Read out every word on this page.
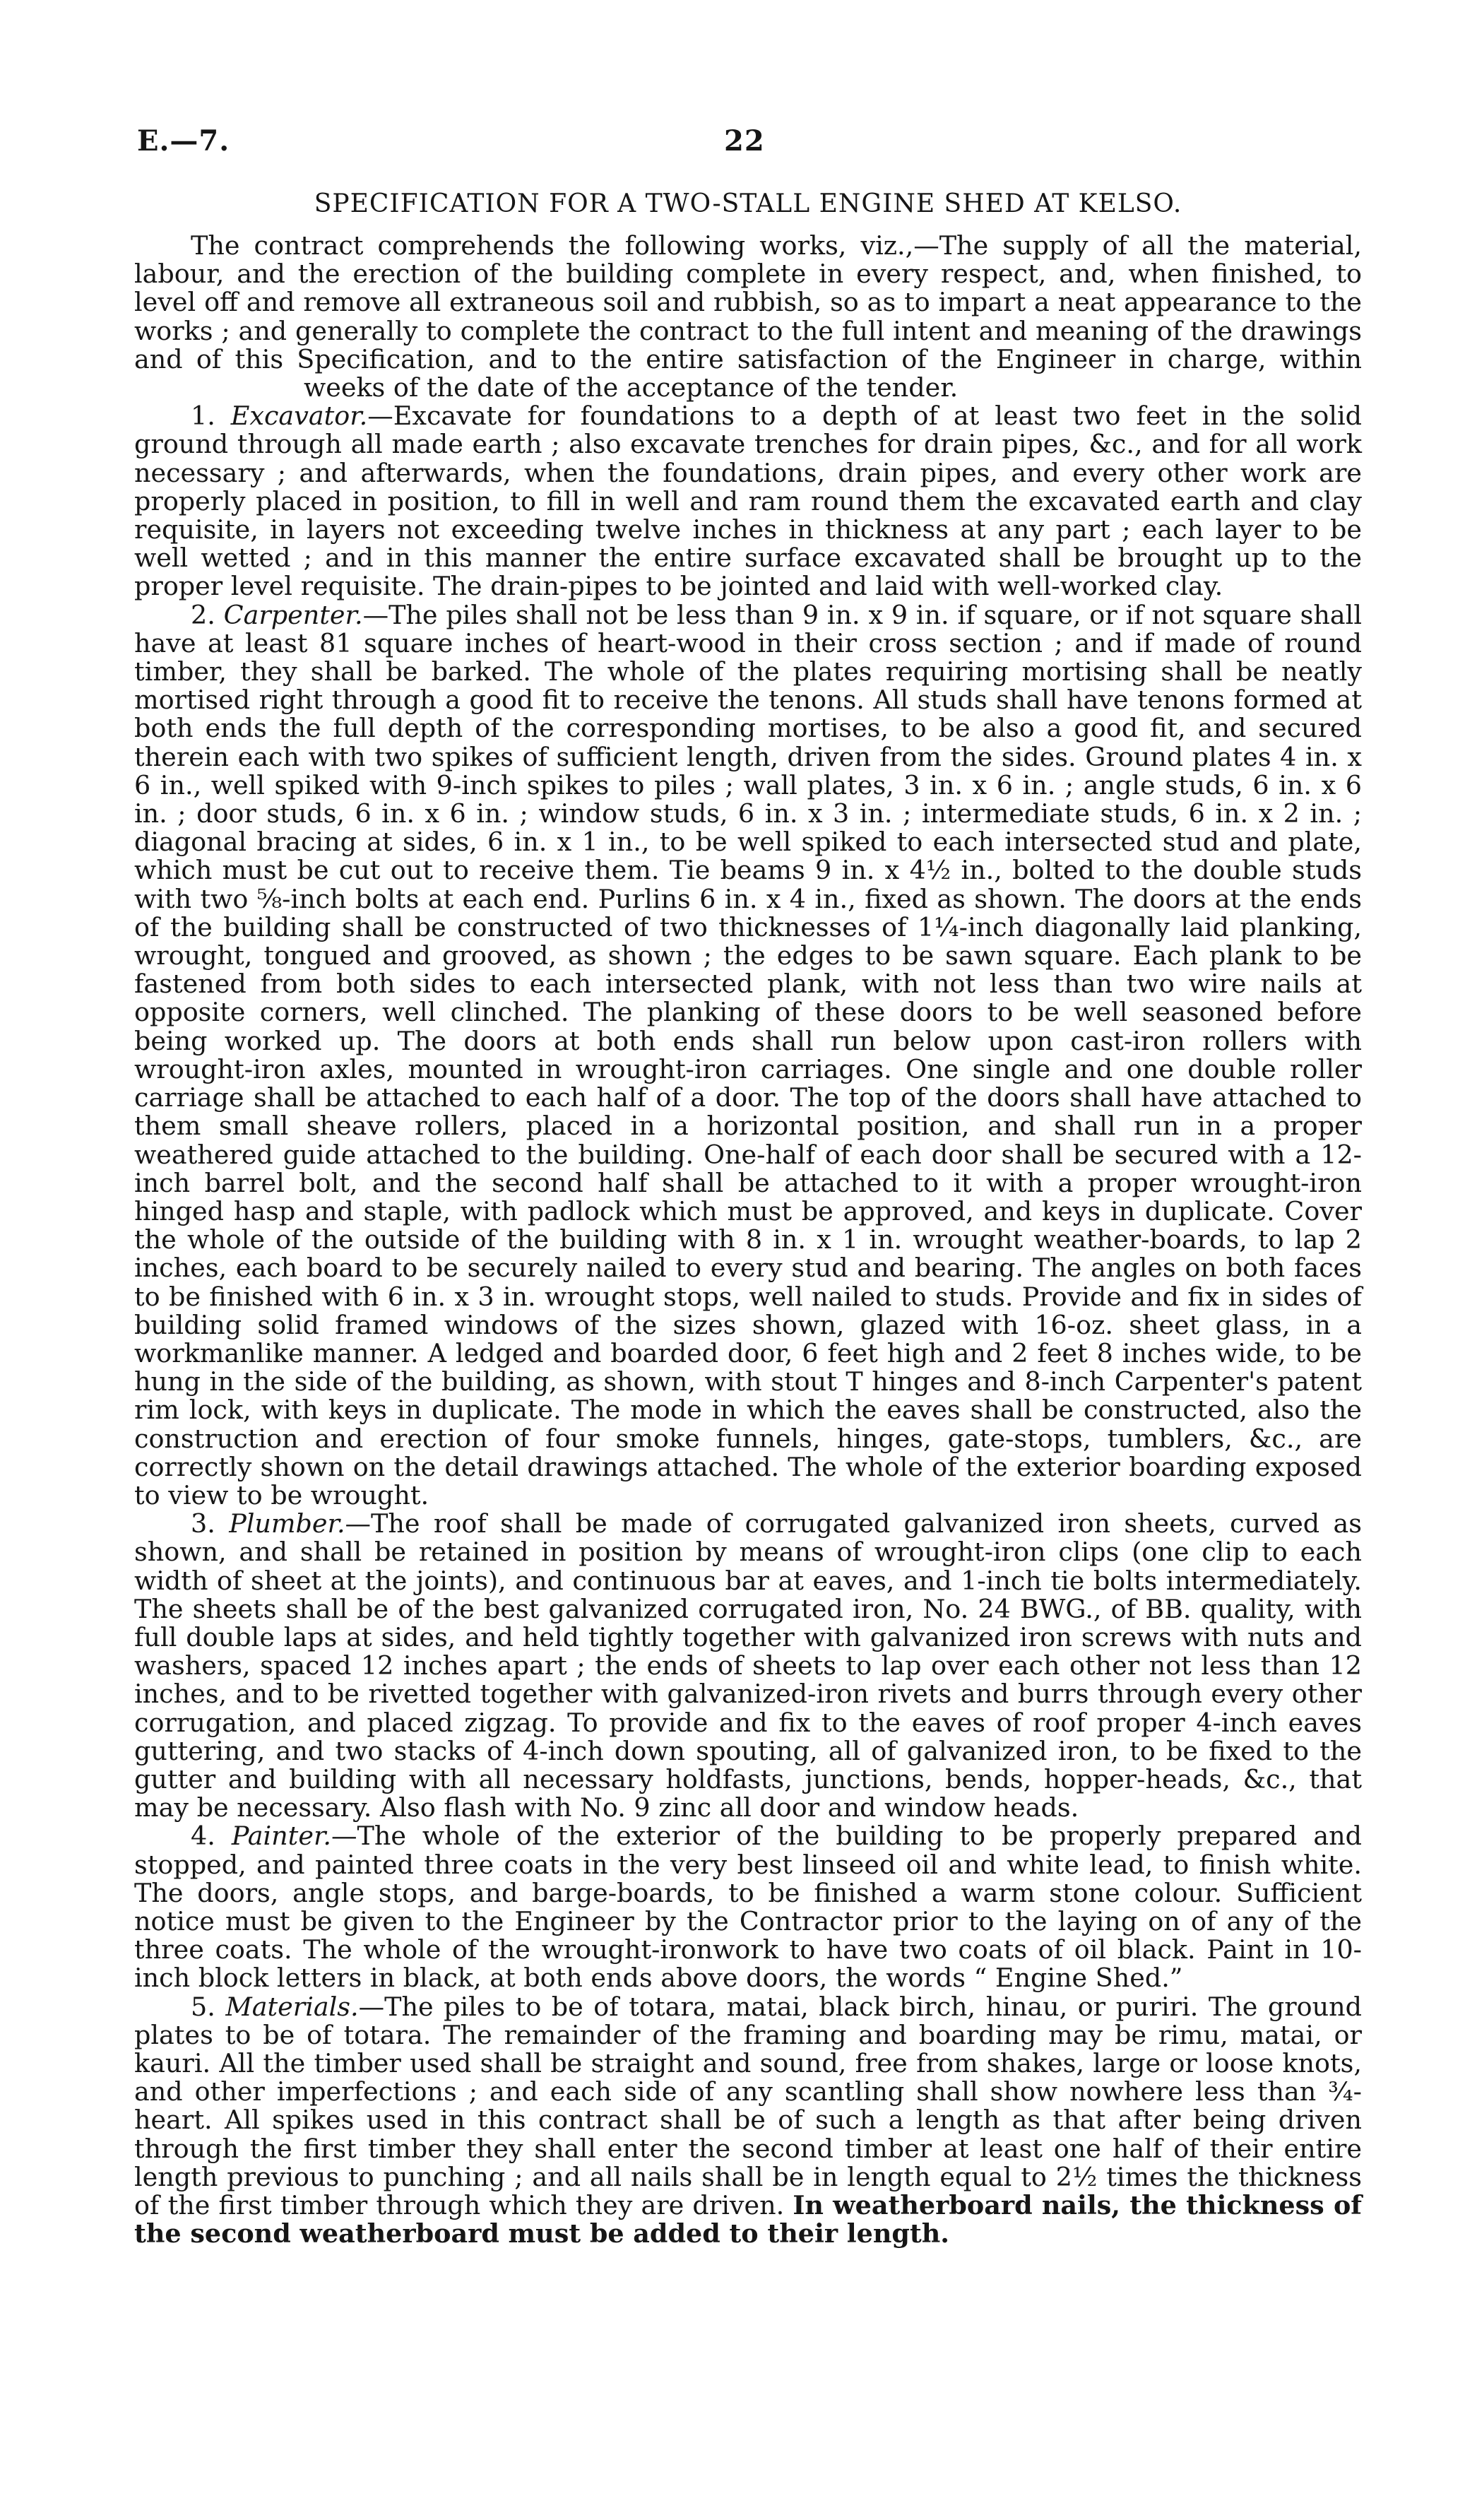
E.—7.	22
SPECIFICATION FOR A TWO-STALL ENGINE SHED AT KELSO.

The contract comprehends the following works, viz.,—The supply of all the material, labour, and the erection of the building complete in every respect, and, when finished, to level off and remove all extraneous soil and rubbish, so as to impart a neat appearance to the works ; and generally to complete the contract to the full intent and meaning of the drawings and of this Specification, and to the entire satisfaction of the Engineer in charge, withinweeks of the date of the acceptance of the tender.

1. Excavator.—Excavate for foundations to a depth of at least two feet in the solid ground through all made earth ; also excavate trenches for drain pipes, &c., and for all work necessary ; and afterwards, when the foundations, drain pipes, and every other work are properly placed in position, to fill in well and ram round them the excavated earth and clay requisite, in layers not exceeding twelve inches in thickness at any part ; each layer to be well wetted ; and in this manner the entire surface excavated shall be brought up to the proper level requisite. The drain-pipes to be jointed and laid with well-worked clay.

2. Carpenter.—The piles shall not be less than 9 in. x 9 in. if square, or if not square shall have at least 81 square inches of heart-wood in their cross section ; and if made of round timber, they shall be barked. The whole of the plates requiring mortising shall be neatly mortised right through a good fit to receive the tenons. All studs shall have tenons formed at both ends the full depth of the corresponding mortises, to be also a good fit, and secured therein each with two spikes of sufficient length, driven from the sides. Ground plates 4 in. x 6 in., well spiked with 9-inch spikes to piles ; wall plates, 3 in. x 6 in. ; angle studs, 6 in. x 6 in. ; door studs, 6 in. x 6 in. ; window studs, 6 in. x 3 in. ; intermediate studs, 6 in. x 2 in. ; diagonal bracing at sides, 6 in. x 1 in., to be well spiked to each intersected stud and plate, which must be cut out to receive them. Tie beams 9 in. x 4½ in., bolted to the double studs with two ⅝-inch bolts at each end. Purlins 6 in. x 4 in., fixed as shown. The doors at the ends of the building shall be constructed of two thicknesses of 1¼-inch diagonally laid planking, wrought, tongued and grooved, as shown ; the edges to be sawn square. Each plank to be fastened from both sides to each intersected plank, with not less than two wire nails at opposite corners, well clinched. The planking of these doors to be well seasoned before being worked up. The doors at both ends shall run below upon cast-iron rollers with wrought-iron axles, mounted in wrought-iron carriages. One single and one double roller carriage shall be attached to each half of a door. The top of the doors shall have attached to them small sheave rollers, placed in a horizontal position, and shall run in a proper weathered guide attached to the building. One-half of each door shall be secured with a 12-inch barrel bolt, and the second half shall be attached to it with a proper wrought-iron hinged hasp and staple, with padlock which must be approved, and keys in duplicate. Cover the whole of the outside of the building with 8 in. x 1 in. wrought weather-boards, to lap 2 inches, each board to be securely nailed to every stud and bearing. The angles on both faces to be finished with 6 in. x 3 in. wrought stops, well nailed to studs. Provide and fix in sides of building solid framed windows of the sizes shown, glazed with 16-oz. sheet glass, in a workmanlike manner. A ledged and boarded door, 6 feet high and 2 feet 8 inches wide, to be hung in the side of the building, as shown, with stout T hinges and 8-inch Carpenter's patent rim lock, with keys in duplicate. The mode in which the eaves shall be constructed, also the construction and erection of four smoke funnels, hinges, gate-stops, tumblers, &c., are correctly shown on the detail drawings attached. The whole of the exterior boarding exposed to view to be wrought.

3. Plumber.—The roof shall be made of corrugated galvanized iron sheets, curved as shown, and shall be retained in position by means of wrought-iron clips (one clip to each width of sheet at the joints), and continuous bar at eaves, and 1-inch tie bolts intermediately. The sheets shall be of the best galvanized corrugated iron, No. 24 BWG., of BB. quality, with full double laps at sides, and held tightly together with galvanized iron screws with nuts and washers, spaced 12 inches apart ; the ends of sheets to lap over each other not less than 12 inches, and to be rivetted together with galvanized-iron rivets and burrs through every other corrugation, and placed zigzag. To provide and fix to the eaves of roof proper 4-inch eaves guttering, and two stacks of 4-inch down spouting, all of galvanized iron, to be fixed to the gutter and building with all necessary holdfasts, junctions, bends, hopper-heads, &c., that may be necessary. Also flash with No. 9 zinc all door and window heads.

4. Painter.—The whole of the exterior of the building to be properly prepared and stopped, and painted three coats in the very best linseed oil and white lead, to finish white. The doors, angle stops, and barge-boards, to be finished a warm stone colour. Sufficient notice must be given to the Engineer by the Contractor prior to the laying on of any of the three coats. The whole of the wrought-ironwork to have two coats of oil black. Paint in 10-inch block letters in black, at both ends above doors, the words “ Engine Shed.”

5. Materials.—The piles to be of totara, matai, black birch, hinau, or puriri. The ground plates to be of totara. The remainder of the framing and boarding may be rimu, matai, or kauri. All the timber used shall be straight and sound, free from shakes, large or loose knots, and other imperfections ; and each side of any scantling shall show nowhere less than ¾-heart. All spikes used in this contract shall be of such a length as that after being driven through the first timber they shall enter the second timber at least one half of their entire length previous to punching ; and all nails shall be in length equal to 2½ times the thickness of the first timber through which they are driven. In weatherboard nails, the thickness of the second weatherboard must be added to their length.
